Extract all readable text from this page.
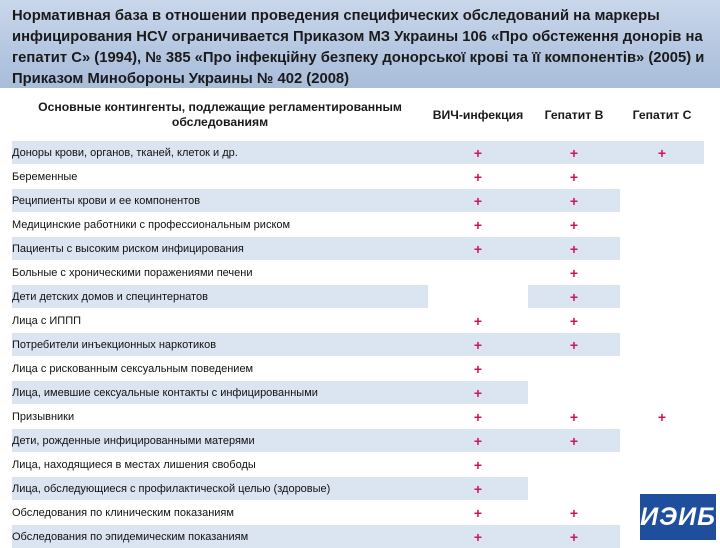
Нормативная база в отношении проведения специфических обследований на маркеры инфицирования HCV ограничивается Приказом МЗ Украины 106 «Про обстеження донорів на гепатит С» (1994), № 385 «Про інфекційну безпеку донорської крові та її компонентів» (2005) и Приказом Минобороны Украины № 402 (2008)
Основные контингенты, подлежащие регламентированным обследованиям	ВИЧ-инфекция	Гепатит В	Гепатит С
Доноры крови, органов, тканей, клеток и др.	+	+	+
Беременные	+	+	
Реципиенты крови и ее компонентов	+	+	
Медицинские работники с профессиональным риском	+	+	
Пациенты с высоким риском инфицирования	+	+	
Больные с хроническими поражениями печени		+	
Дети детских домов и специнтернатов		+	
Лица с ИППП	+	+	
Потребители инъекционных наркотиков	+	+	
Лица с рискованным сексуальным поведением	+		
Лица, имевшие сексуальные контакты с инфицированными	+		
Призывники	+	+	+
Дети, рожденные инфицированными матерями	+	+	
Лица, находящиеся в местах лишения свободы	+		
Лица, обследующиеся с профилактической целью (здоровые)	+		
Обследования по клиническим показаниям	+	+	
Обследования по эпидемическим показаниям	+	+	
ИЭИБ
